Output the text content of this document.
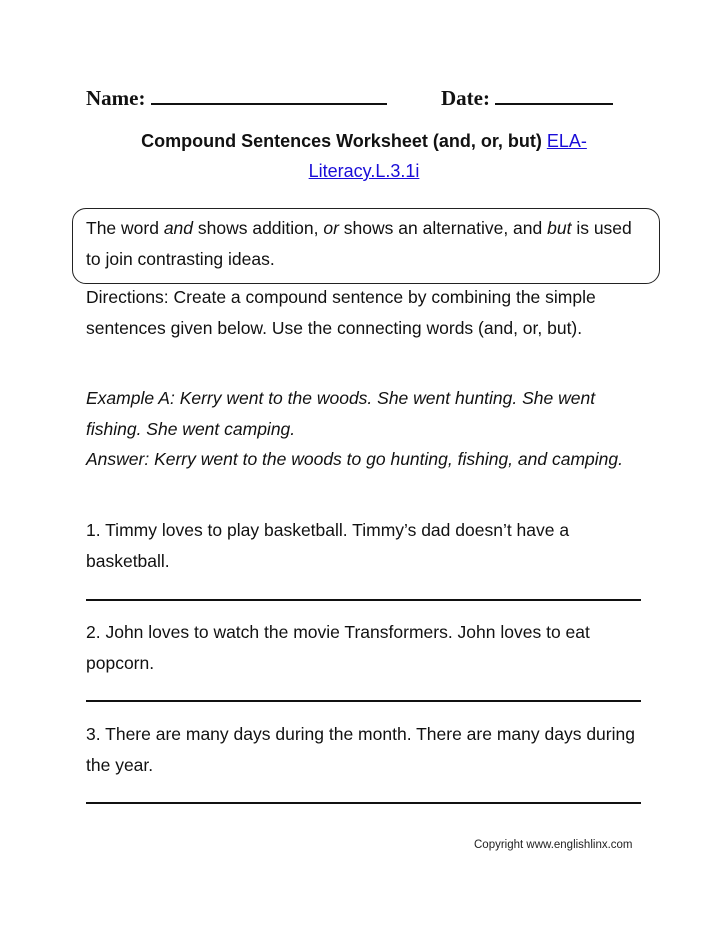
Name:	Date:
Compound Sentences Worksheet (and, or, but) ELA-
Literacy.L.3.1i
The word and shows addition, or shows an alternative, and but is used to join contrasting ideas.
Directions: Create a compound sentence by combining the simple sentences given below. Use the connecting words (and, or, but).
Example A: Kerry went to the woods. She went hunting. She went fishing. She went camping.
Answer: Kerry went to the woods to go hunting, fishing, and camping.
1. Timmy loves to play basketball. Timmy’s dad doesn’t have a basketball.
2. John loves to watch the movie Transformers. John loves to eat popcorn.
3. There are many days during the month. There are many days during the year.
Copyright www.englishlinx.com
